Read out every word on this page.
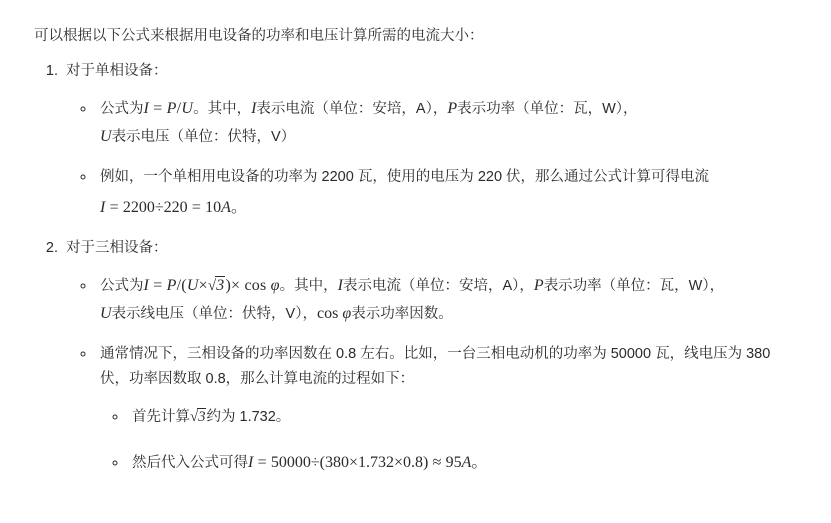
可以根据以下公式来根据用电设备的功率和电压计算所需的电流大小：

1. 对于单相设备：
◦ 公式为I = P/U。其中，I表示电流（单位：安培，A），P表示功率（单位：瓦，W），U表示电压（单位：伏特，V）
◦ 例如，一个单相用电设备的功率为 2200 瓦，使用的电压为 220 伏，那么通过公式计算可得电流
I = 2200÷220 = 10A。
2. 对于三相设备：
◦ 公式为I = P/(U×√3)× cos φ。其中，I表示电流（单位：安培，A），P表示功率（单位：瓦，W），U表示线电压（单位：伏特，V），cos φ表示功率因数。
◦ 通常情况下，三相设备的功率因数在 0.8 左右。比如，一台三相电动机的功率为 50000 瓦，线电压为 380 伏，功率因数取 0.8，那么计算电流的过程如下：
◦ 首先计算√3约为 1.732。
◦ 然后代入公式可得I = 50000÷(380×1.732×0.8) ≈ 95A。
